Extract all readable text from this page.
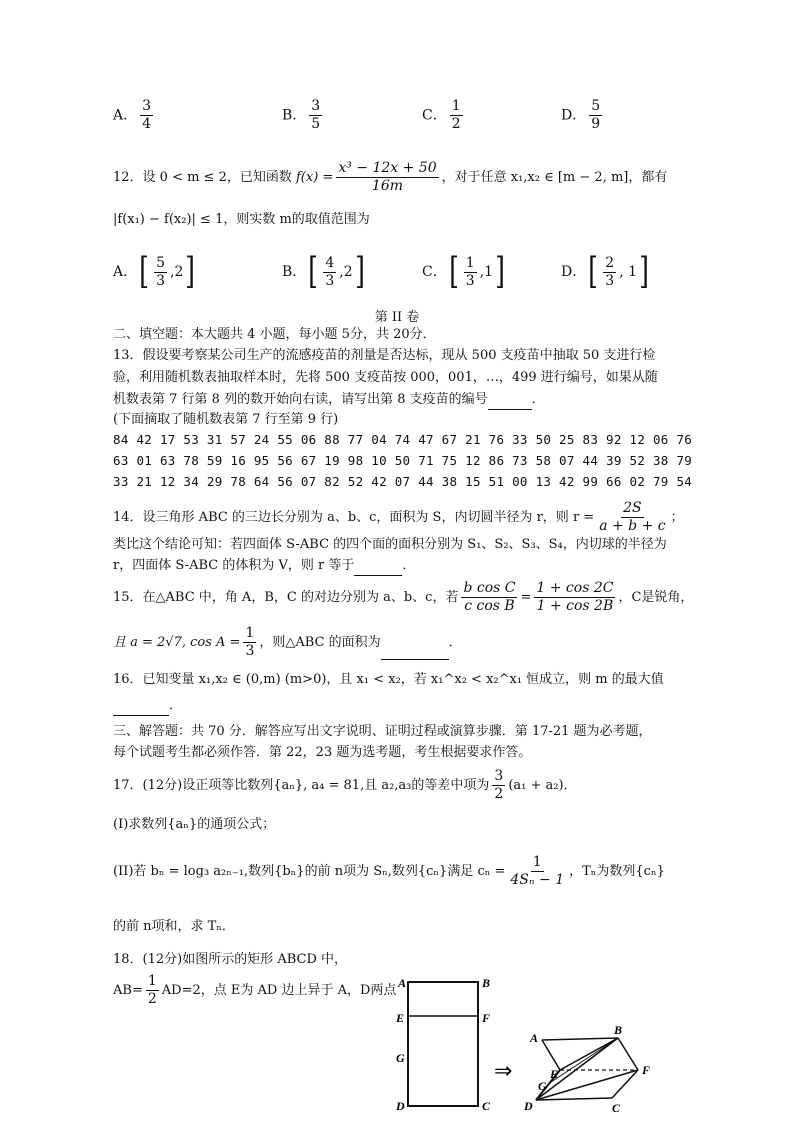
A． $\frac{3}{4}$	B． $\frac{3}{5}$	C． $\frac{1}{2}$	D． $\frac{5}{9}$
12．设 0 < m ≤ 2，已知函数 $f(x) = \frac{\text{x³ − 12x + 50}}{16m}$ ，对于任意 x₁,x₂ ∈ [m − 2, m]，都有
|f(x₁) − f(x₂)| ≤ 1，则实数 m的取值范围为
A．[ $\frac{5}{3} ,2$]	B．[ $\frac{4}{3} ,2$]	C．[ $\frac{1}{3} ,1$]	D．[ $\frac{2}{3}$ , 1]
第 II 卷
二、填空题：本大题共 4 小题，每小题 5分，共 20分．
13．假设要考察某公司生产的流感疫苗的剂量是否达标，现从 500 支疫苗中抽取 50 支进行检
验，利用随机数表抽取样本时，先将 500 支疫苗按 000，001，…，499 进行编号，如果从随
机数表第 7 行第 8 列的数开始向右读，请写出第 8 支疫苗的编号	．
(下面摘取了随机数表第 7 行至第 9 行)
84 42 17 53 31 57 24 55 06 88 77 04 74 47 67 21 76 33 50 25 83 92 12 06 76
63 01 63 78 59 16 95 56 67 19 98 10 50 71 75 12 86 73 58 07 44 39 52 38 79
33 21 12 34 29 78 64 56 07 82 52 42 07 44 38 15 51 00 13 42 99 66 02 79 54
14．设三角形 ABC 的三边长分别为 a、b、c，面积为 S，内切圆半径为 r，则 $r = \frac{2S}{a + b + c}$ ；
类比这个结论可知：若四面体 S-ABC 的四个面的面积分别为 S₁、S₂、S₃、S₄，内切球的半径为
r，四面体 S-ABC 的体积为 V，则 r 等于	．
15．在△ABC 中，角 A，B，C 的对边分别为 a、b、c，若 $\frac{\text{b cos C}}{\text{c cos B}} = \frac{1 + \cos 2C}{1 + \cos 2B}$ ，C是锐角，
且 a = 2√7, $\cos A = \frac{1}{3}$ ，则△ABC 的面积为	．
16．已知变量 x₁,x₂ ∈ (0,m) (m>0)，且 x₁ < x₂，若 x₁^x₂ < x₂^x₁ 恒成立，则 m 的最大值
．
三、解答题：共 70 分．解答应写出文字说明、证明过程或演算步骤．第 17-21 题为必考题，
每个试题考生都必须作答．第 22，23 题为选考题，考生根据要求作答。
17．(12分)设正项等比数列{aₙ}, a₄ = 81,且 a₂,a₃的等差中项为 $\frac{3}{2} (a_1 + a_2)$．
(I)求数列{aₙ}的通项公式；
(II)若 bₙ = log₃ a₂ₙ₋₁,数列{bₙ}的前 n项为 Sₙ,数列{cₙ}满足 $c_n = \frac{1}{\text{4Sₙ − 1}}$ ，Tₙ为数列{cₙ}
的前 n项和，求 Tₙ．
18．(12分)如图所示的矩形 ABCD 中，
$AB= \frac{1}{2} AD=2$，点 E为 AD 边上异于 A，D两点 A	B
E	F
G
D	C
⇒
A
B
E
G
F
D	C
